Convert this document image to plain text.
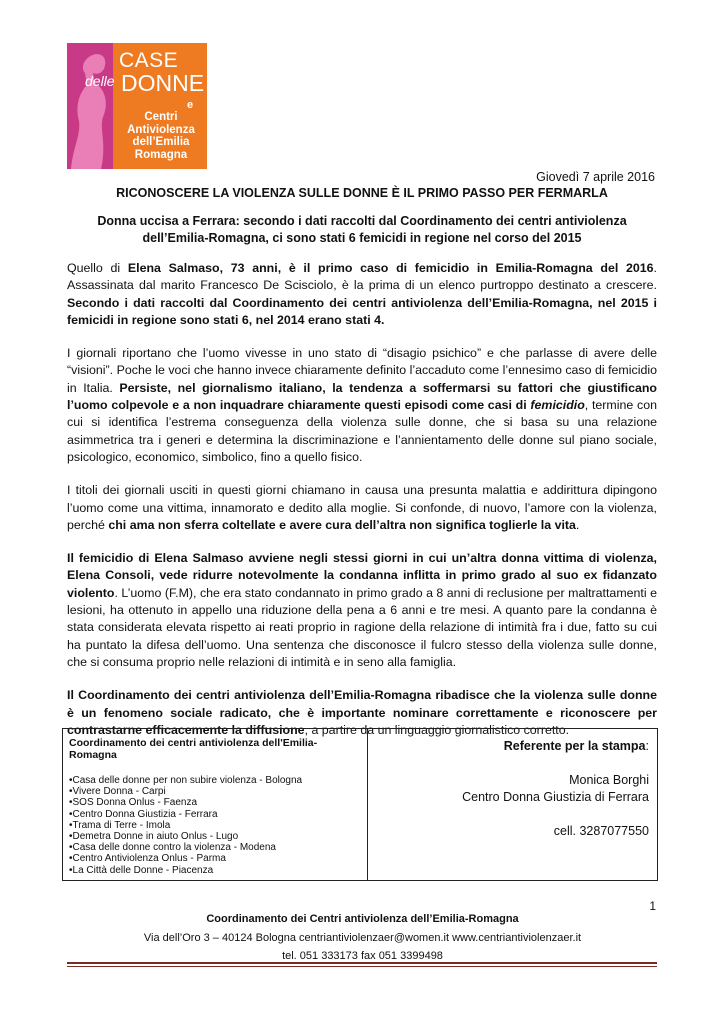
CASE
delle DONNE
e
Centri Antiviolenza dell’Emilia Romagna
Giovedì 7 aprile 2016
RICONOSCERE LA VIOLENZA SULLE DONNE È IL PRIMO PASSO PER FERMARLA
Donna uccisa a Ferrara: secondo i dati raccolti dal Coordinamento dei centri antiviolenza dell’Emilia-Romagna, ci sono stati 6 femicidi in regione nel corso del 2015

Quello di Elena Salmaso, 73 anni, è il primo caso di femicidio in Emilia-Romagna del 2016. Assassinata dal marito Francesco De Scisciolo, è la prima di un elenco purtroppo destinato a crescere. Secondo i dati raccolti dal Coordinamento dei centri antiviolenza dell’Emilia-Romagna, nel 2015 i femicidi in regione sono stati 6, nel 2014 erano stati 4.

I giornali riportano che l’uomo vivesse in uno stato di “disagio psichico” e che parlasse di avere delle “visioni”. Poche le voci che hanno invece chiaramente definito l’accaduto come l’ennesimo caso di femicidio in Italia. Persiste, nel giornalismo italiano, la tendenza a soffermarsi su fattori che giustificano l’uomo colpevole e a non inquadrare chiaramente questi episodi come casi di femicidio, termine con cui si identifica l’estrema conseguenza della violenza sulle donne, che si basa su una relazione asimmetrica tra i generi e determina la discriminazione e l’annientamento delle donne sul piano sociale, psicologico, economico, simbolico, fino a quello fisico.

I titoli dei giornali usciti in questi giorni chiamano in causa una presunta malattia e addirittura dipingono l’uomo come una vittima, innamorato e dedito alla moglie. Si confonde, di nuovo, l’amore con la violenza, perché chi ama non sferra coltellate e avere cura dell’altra non significa toglierle la vita.

Il femicidio di Elena Salmaso avviene negli stessi giorni in cui un’altra donna vittima di violenza, Elena Consoli, vede ridurre notevolmente la condanna inflitta in primo grado al suo ex fidanzato violento. L’uomo (F.M), che era stato condannato in primo grado a 8 anni di reclusione per maltrattamenti e lesioni, ha ottenuto in appello una riduzione della pena a 6 anni e tre mesi. A quanto pare la condanna è stata considerata elevata rispetto ai reati proprio in ragione della relazione di intimità fra i due, fatto su cui ha puntato la difesa dell’uomo. Una sentenza che disconosce il fulcro stesso della violenza sulle donne, che si consuma proprio nelle relazioni di intimità e in seno alla famiglia.

Il Coordinamento dei centri antiviolenza dell’Emilia-Romagna ribadisce che la violenza sulle donne è un fenomeno sociale radicato, che è importante nominare correttamente e riconoscere per contrastarne efficacemente la diffusione, a partire da un linguaggio giornalistico corretto.

Coordinamento dei centri antiviolenza dell'Emilia-Romagna
• Casa delle donne per non subire violenza - Bologna
• Vivere Donna - Carpi
• SOS Donna Onlus - Faenza
• Centro Donna Giustizia - Ferrara
• Trama di Terre - Imola
• Demetra Donne in aiuto Onlus - Lugo
• Casa delle donne contro la violenza - Modena
• Centro Antiviolenza Onlus - Parma
• La Città delle Donne - Piacenza

Referente per la stampa:
Monica Borghi
Centro Donna Giustizia di Ferrara
cell. 3287077550
1
Coordinamento dei Centri antiviolenza dell’Emilia-Romagna
Via dell’Oro 3 – 40124 Bologna centriantiviolenzaer@women.it www.centriantiviolenzaer.it
tel. 051 333173 fax 051 3399498
